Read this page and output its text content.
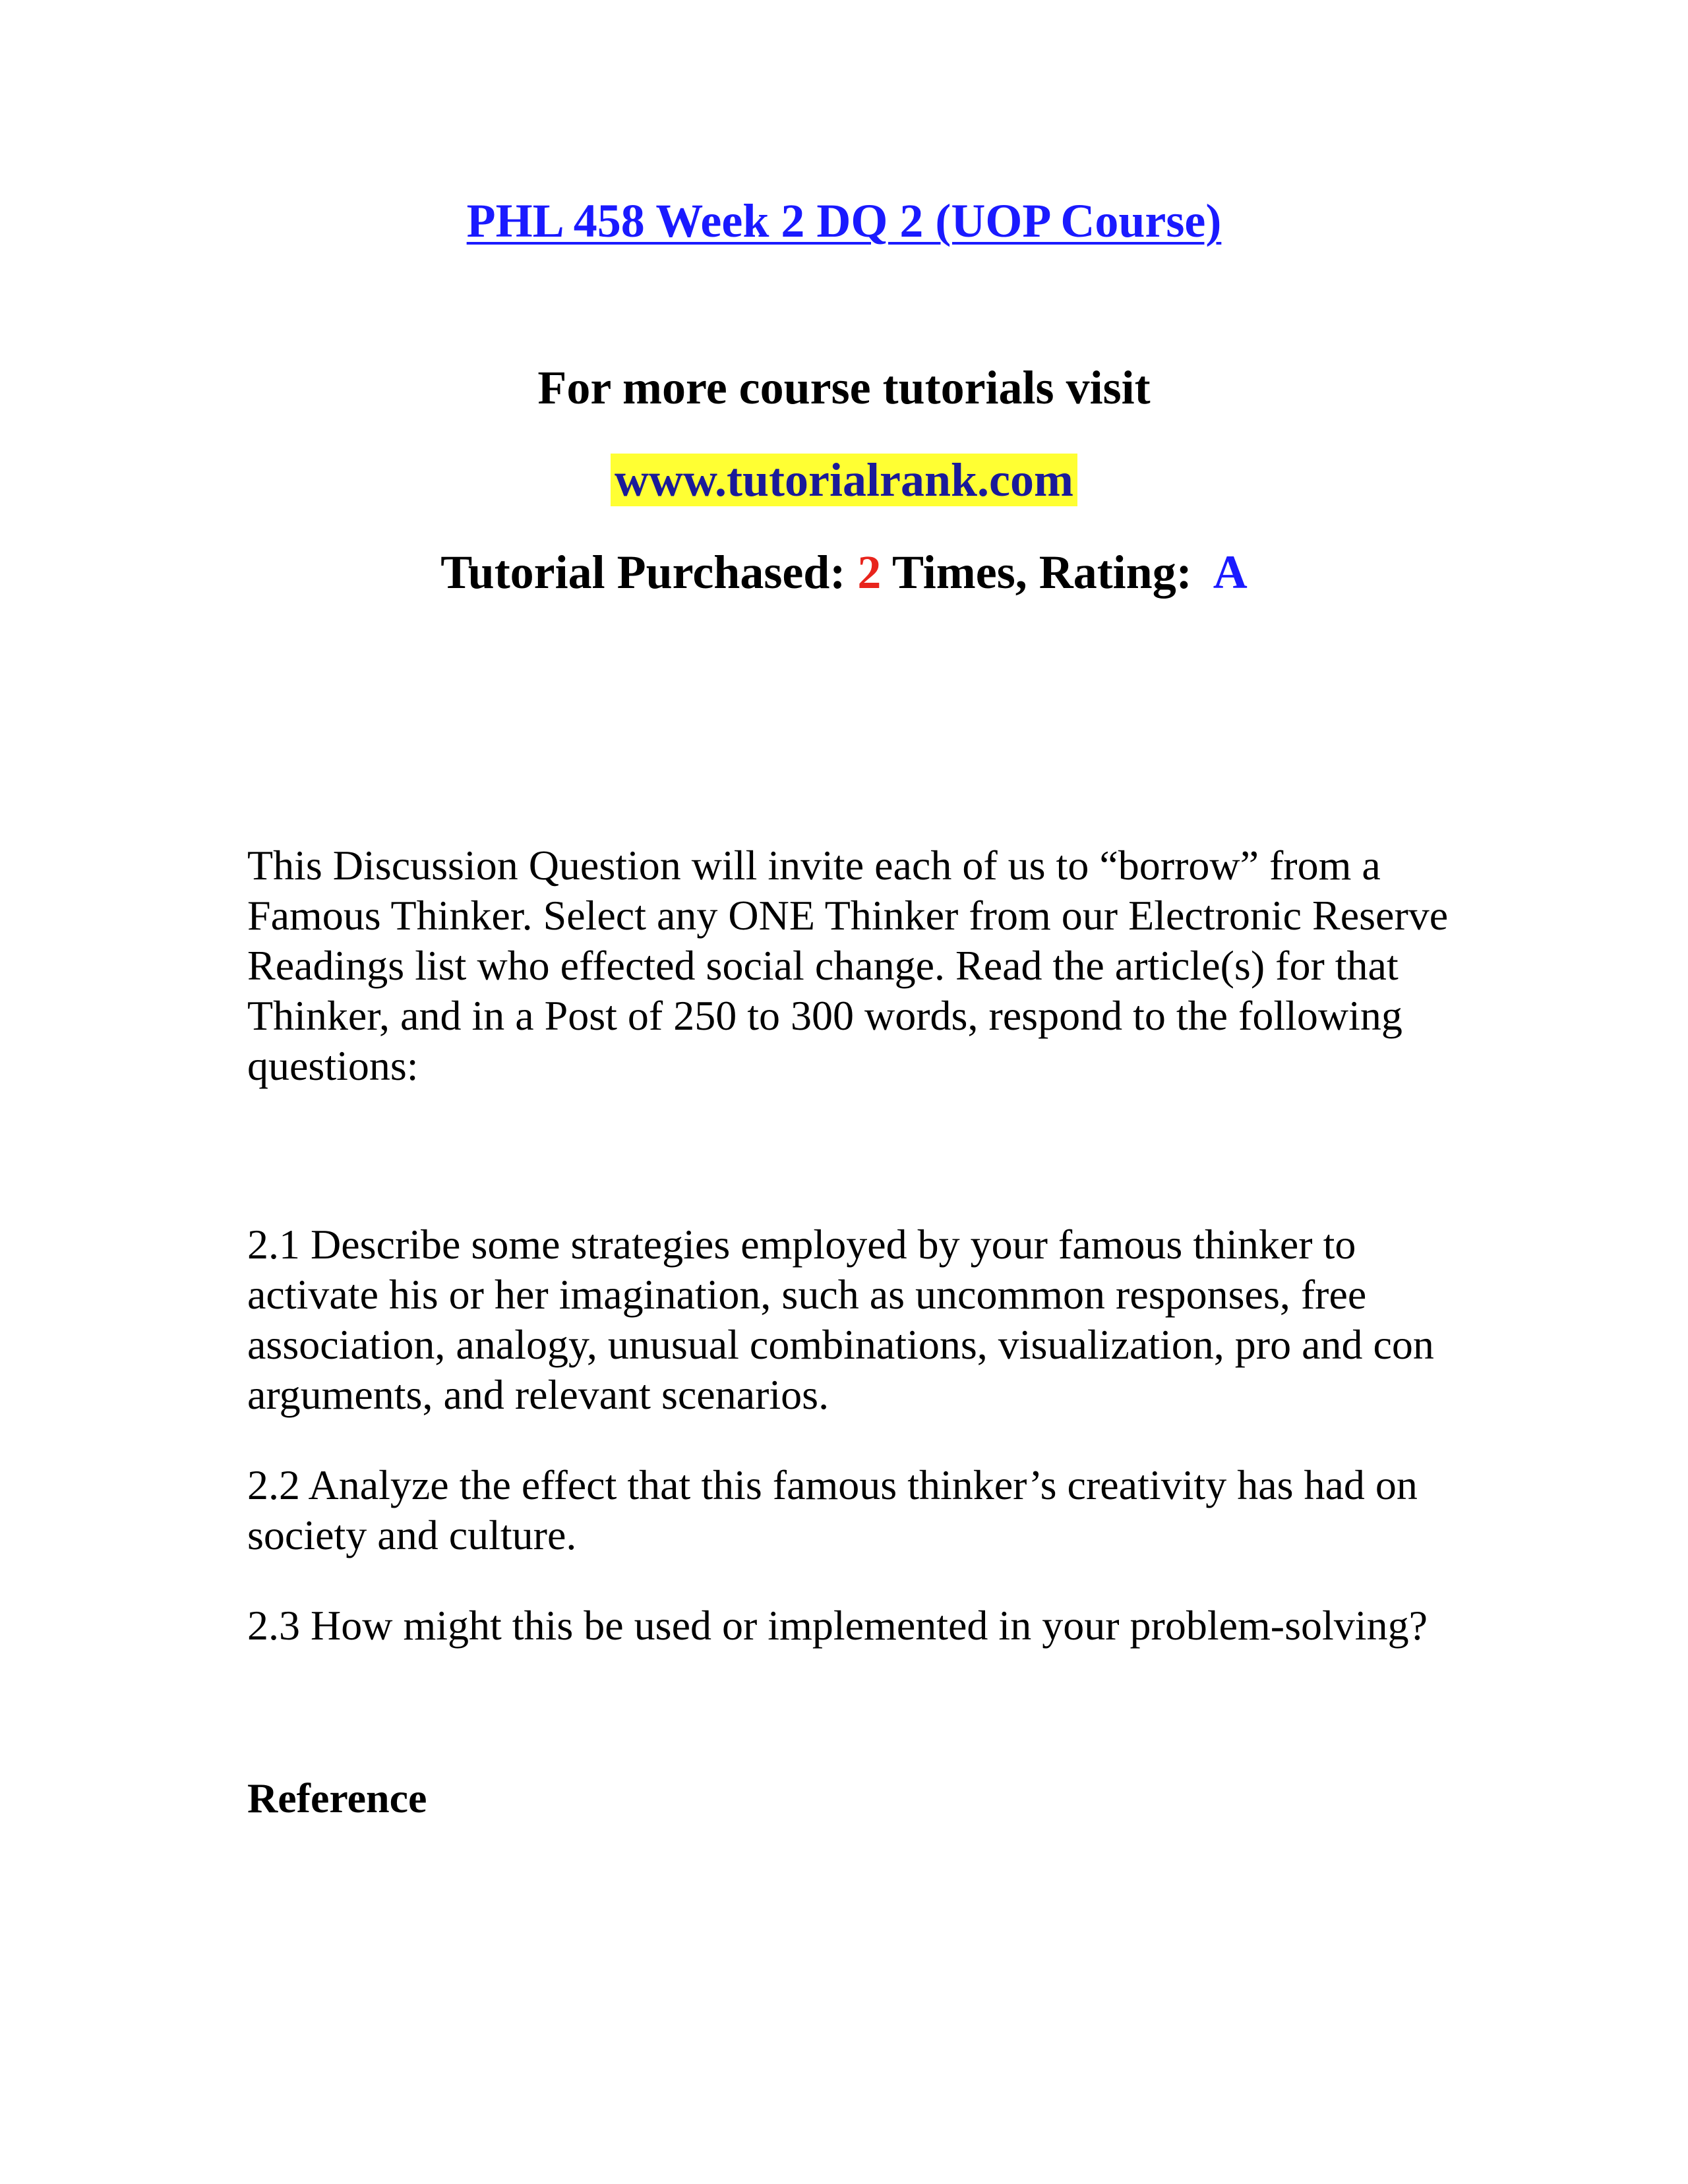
PHL 458 Week 2 DQ 2 (UOP Course)
For more course tutorials visit
www.tutorialrank.com
Tutorial Purchased: 2 Times, Rating:  A

This Discussion Question will invite each of us to “borrow” from a Famous Thinker. Select any ONE Thinker from our Electronic Reserve Readings list who effected social change. Read the article(s) for that Thinker, and in a Post of 250 to 300 words, respond to the following questions:

2.1 Describe some strategies employed by your famous thinker to activate his or her imagination, such as uncommon responses, free association, analogy, unusual combinations, visualization, pro and con arguments, and relevant scenarios.

2.2 Analyze the effect that this famous thinker’s creativity has had on society and culture.

2.3 How might this be used or implemented in your problem-solving?

Reference
